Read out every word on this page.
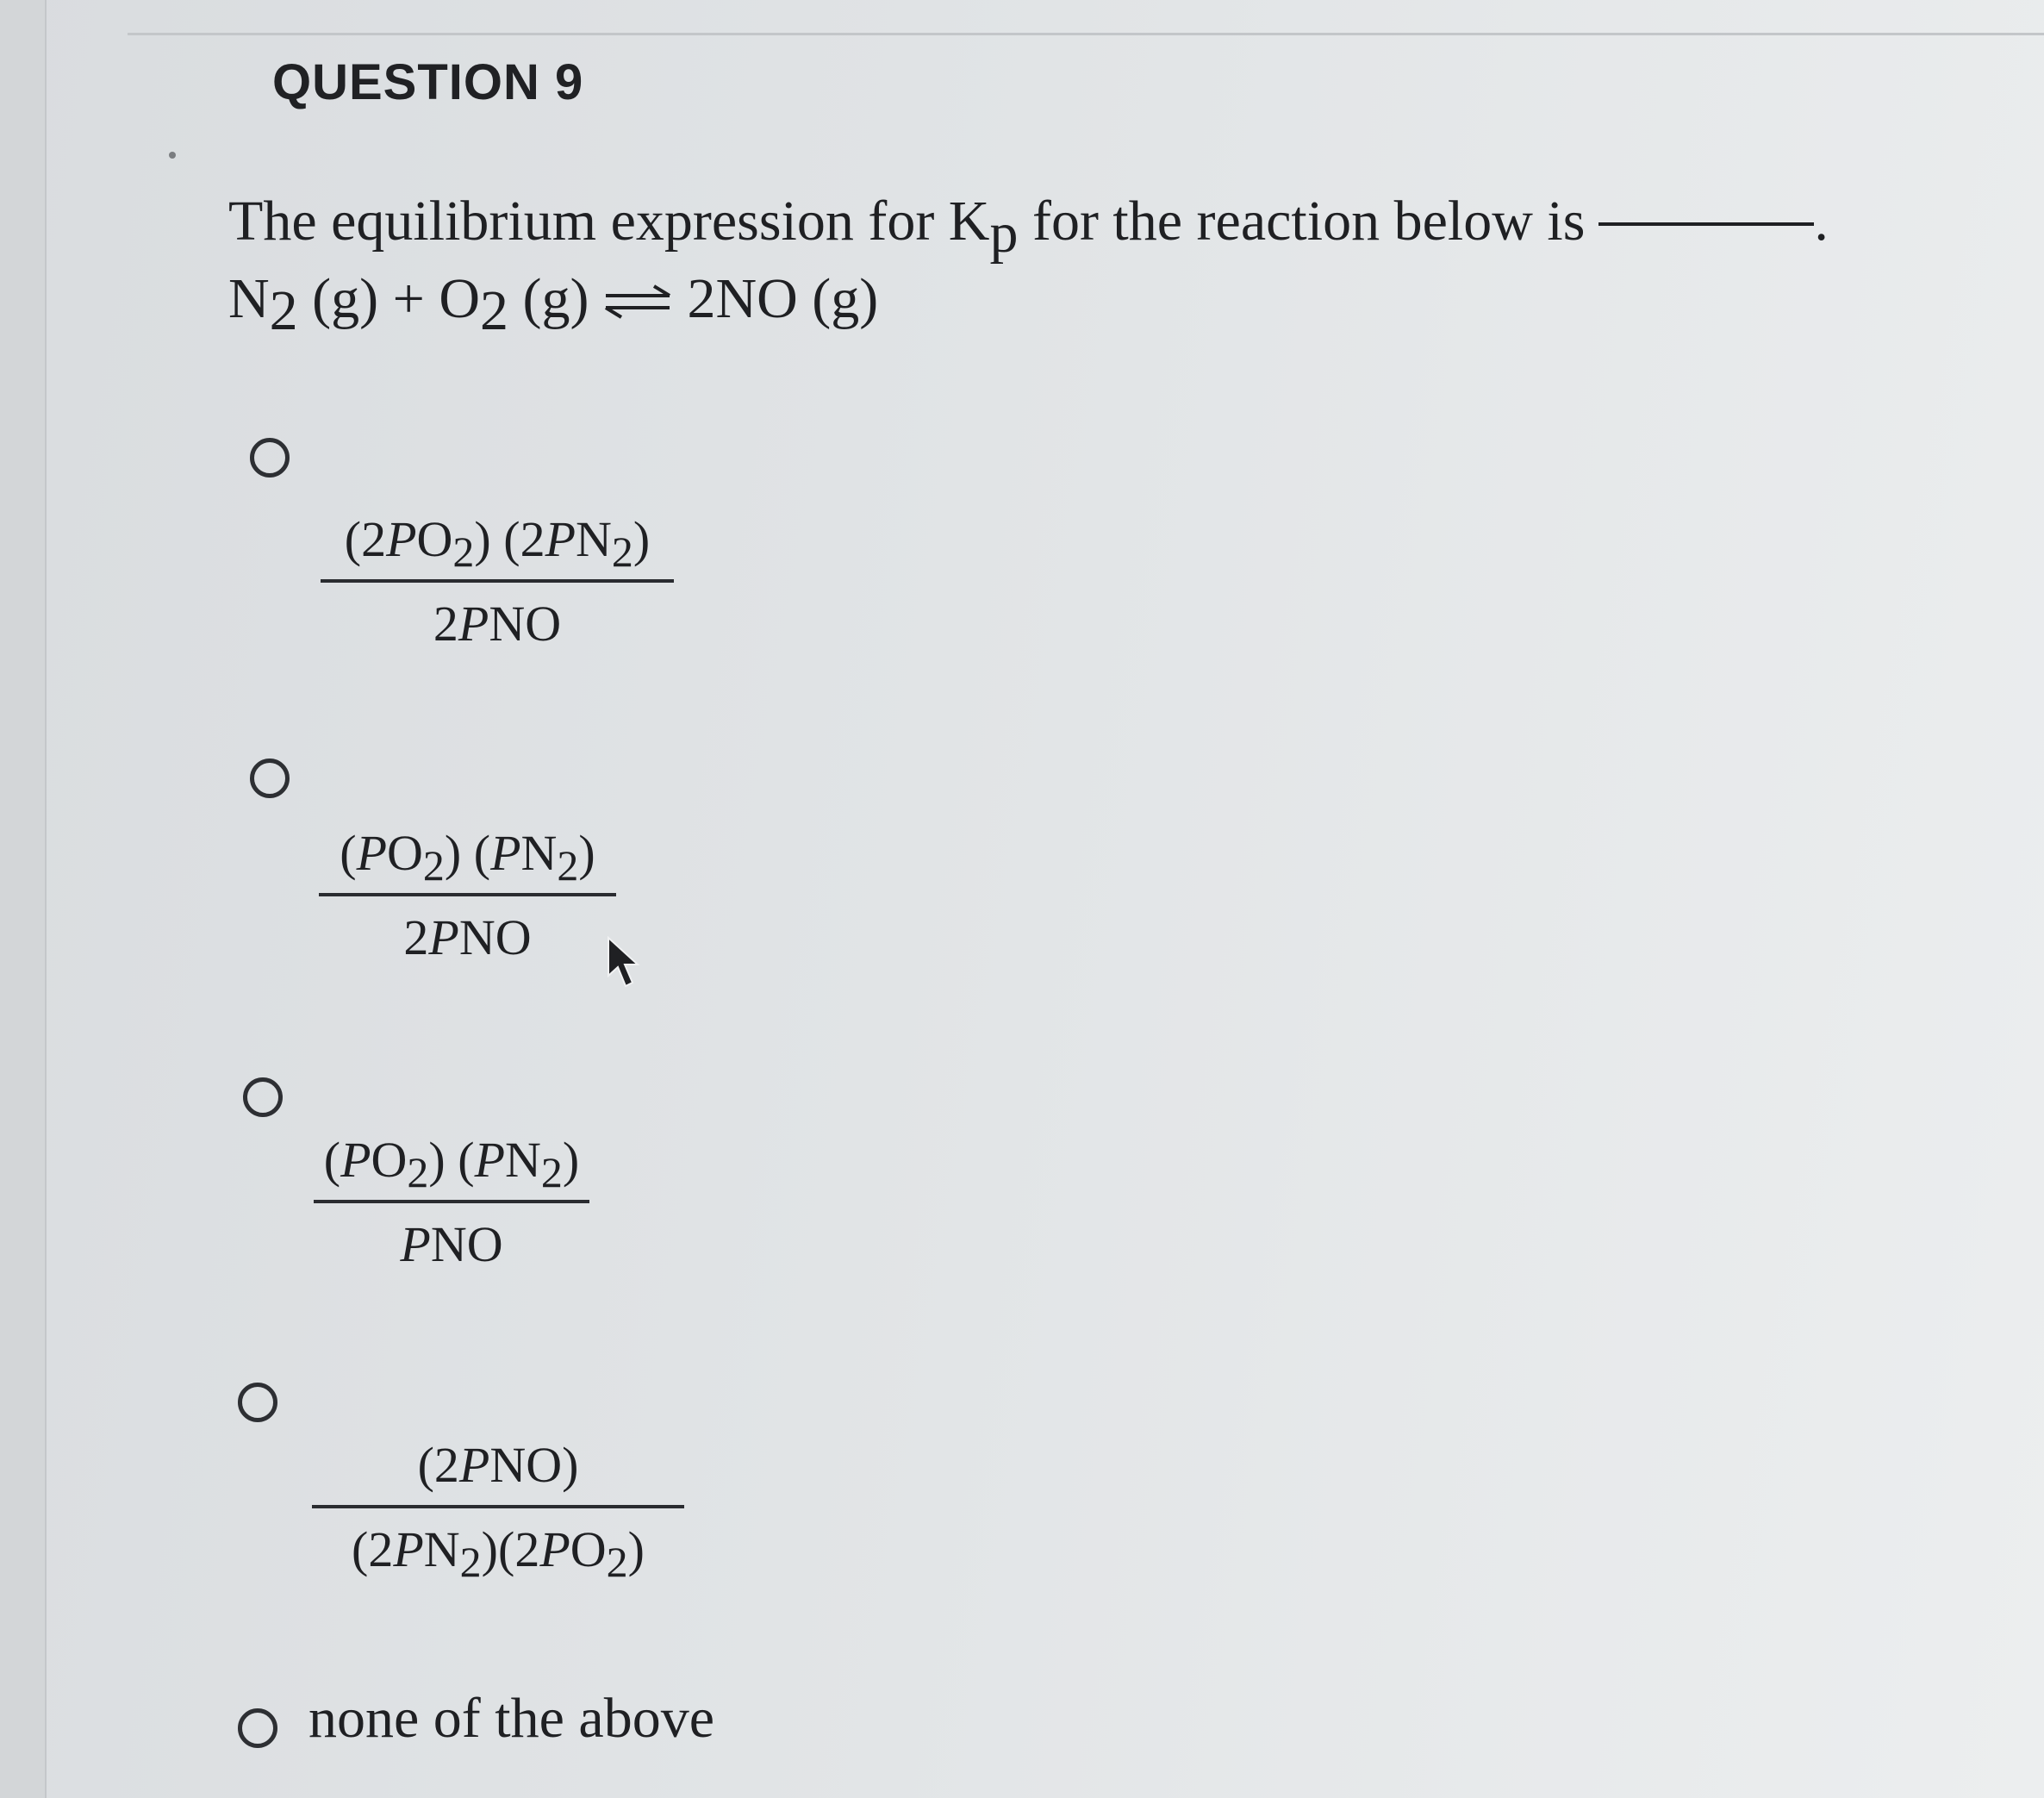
QUESTION 9
The equilibrium expression for $K_p$ for the reaction below is	.
$N_2$ $(g) + O_2$ (g) ⇌ 2NO (g)
$(2PO_2)$ $(2PN_2)$
2PNO
$(PO_2)$ $(PN_2)$
2PNO
$(PO_2)$ $(PN_2)$
PNO
(2PNO)
$(2PN_2)(2PO_2)$
none of the above
